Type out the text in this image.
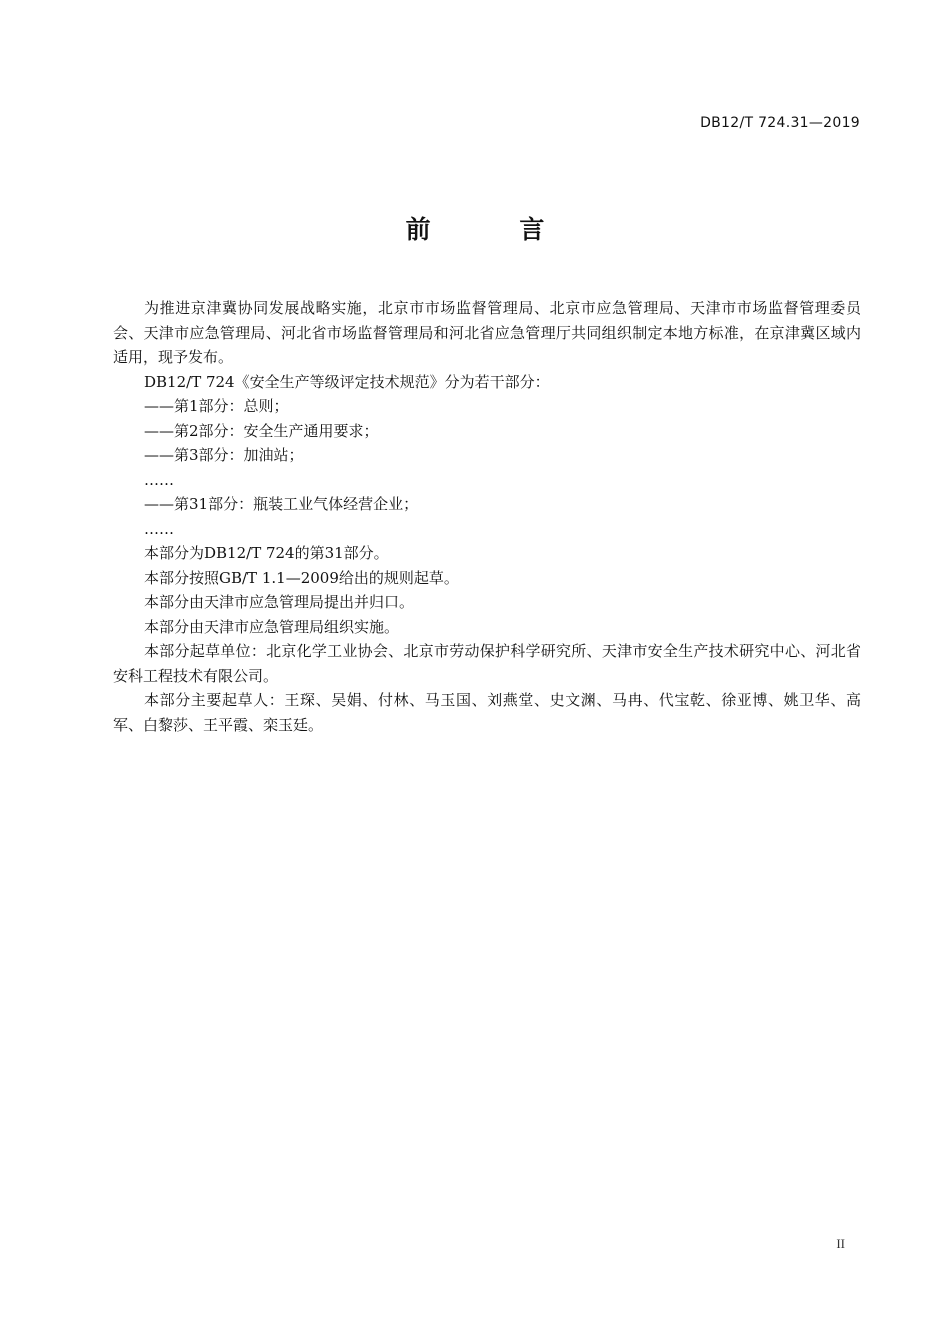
DB12/T 724.31—2019
前 言

为推进京津冀协同发展战略实施，北京市市场监督管理局、北京市应急管理局、天津市市场监督管理委员会、天津市应急管理局、河北省市场监督管理局和河北省应急管理厅共同组织制定本地方标准，在京津冀区域内适用，现予发布。

DB12/T 724《安全生产等级评定技术规范》分为若干部分：

——第1部分：总则；

——第2部分：安全生产通用要求；

——第3部分：加油站；

……

——第31部分：瓶装工业气体经营企业；

……

本部分为DB12/T 724的第31部分。

本部分按照GB/T 1.1—2009给出的规则起草。

本部分由天津市应急管理局提出并归口。

本部分由天津市应急管理局组织实施。

本部分起草单位：北京化学工业协会、北京市劳动保护科学研究所、天津市安全生产技术研究中心、河北省安科工程技术有限公司。

本部分主要起草人：王琛、吴娟、付林、马玉国、刘燕堂、史文渊、马冉、代宝乾、徐亚博、姚卫华、高军、白黎莎、王平霞、栾玉廷。

II
